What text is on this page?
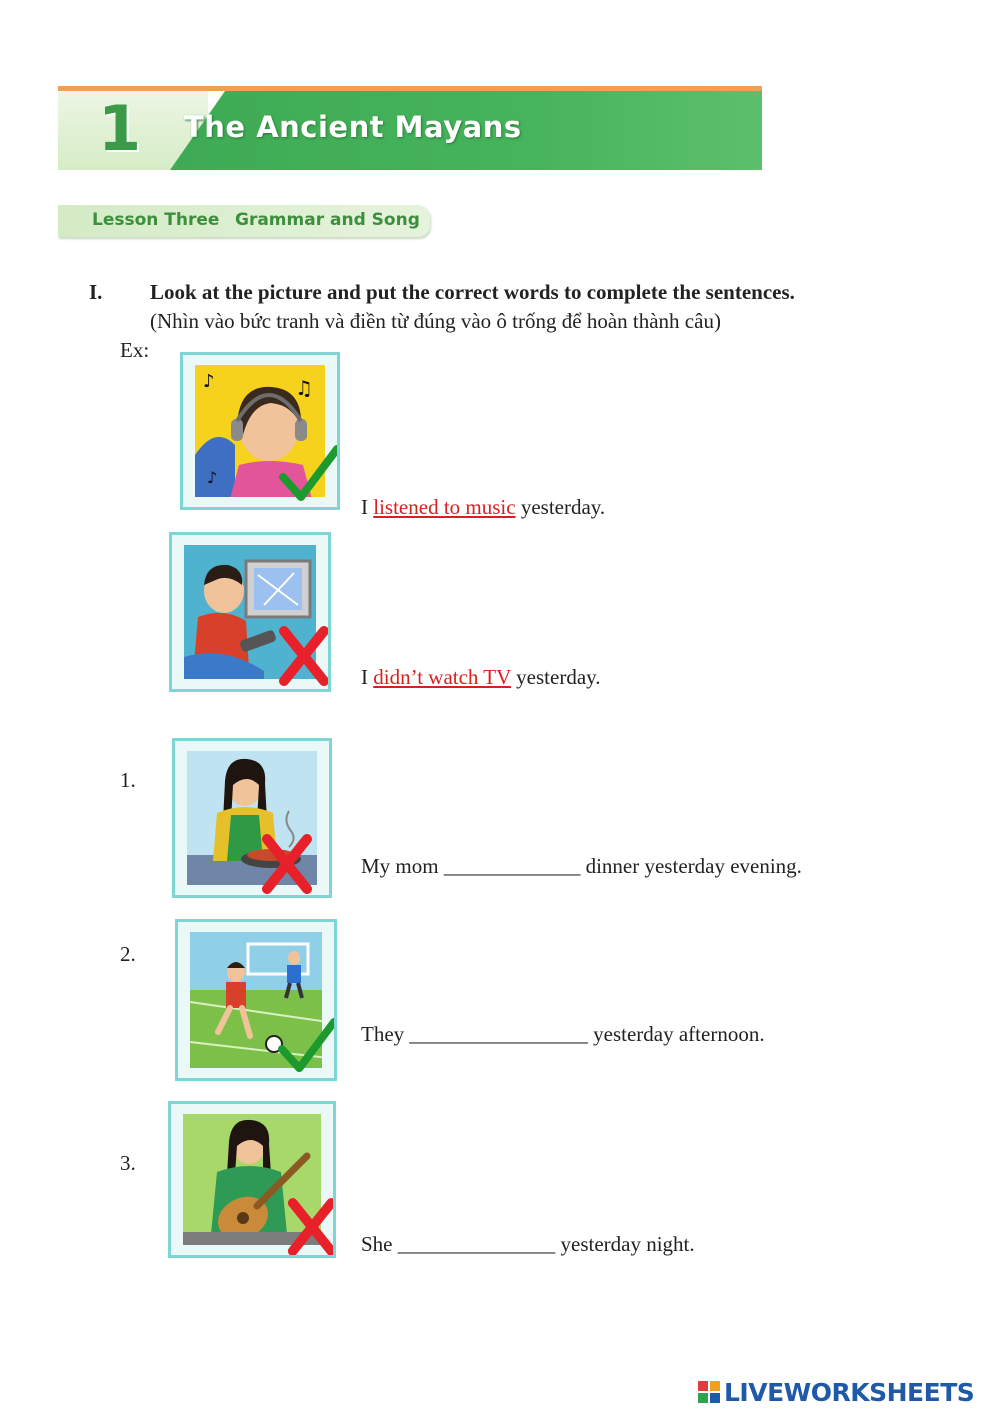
1 The Ancient Mayans
Lesson Three Grammar and Song
I. Look at the picture and put the correct words to complete the sentences.
(Nhìn vào bức tranh và điền từ đúng vào ô trống để hoàn thành câu)
Ex:
♪	♫
♪
I listened to music yesterday.
I didn’t watch TV yesterday.
1.
My mom _____________ dinner yesterday evening.
2.
They _________________ yesterday afternoon.
3.
She _______________ yesterday night.
LIVEWORKSHEETS
